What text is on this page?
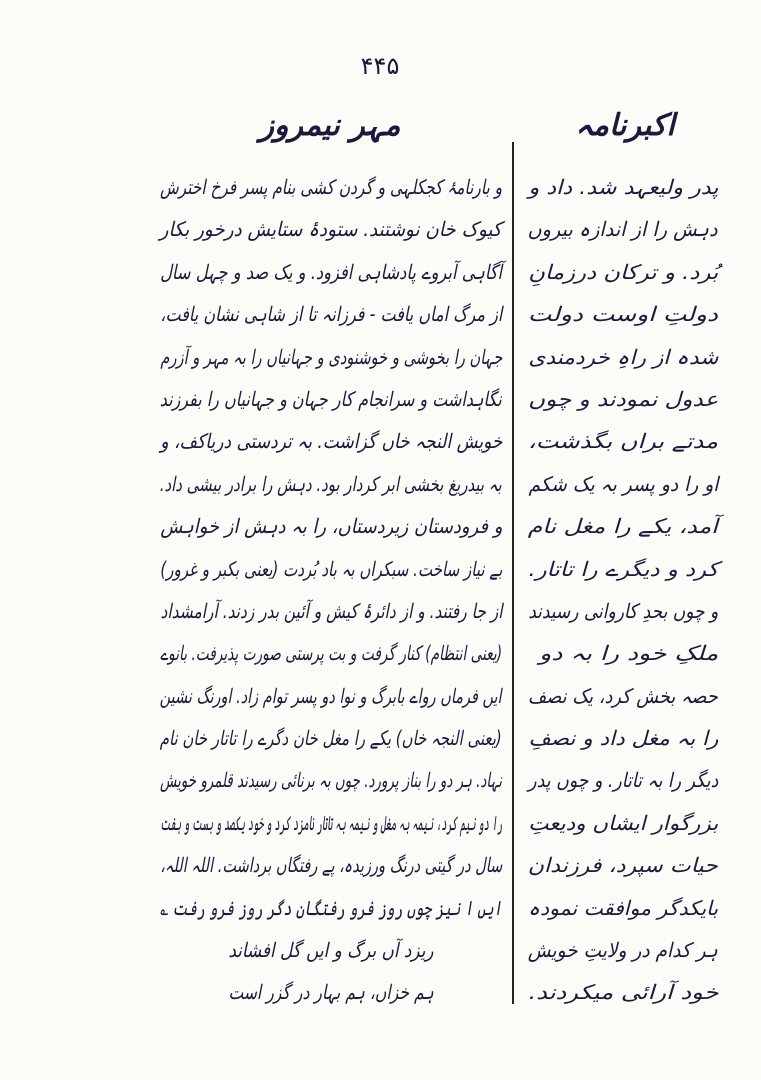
۴۴۵
مہر نیمروز	اکبرنامہ
و بارنامۂ کجکلہی و گردن کشی بنام پسر فرخ اخترش
کیوک خان نوشتند. ستودۂ ستایش درخور بکار
آگاہی آبروے پادشاہی افزود. و یک صد و چہل سال
از مرگ اماں یافت - فرزانہ تا از شاہی نشان یافت،
جہان را بخوشی و خوشنودی و جہانیاں را بہ مہر و آزرم
نگاہداشت و سرانجام کار جہان و جہانیاں را بفرزند
خویش النجہ خاں گزاشت. بہ تردستی دریاکف، و
بہ بیدریغ بخشی ابر کردار بود. دہش را برادر بیشی داد.
و فرودستان زیردستاں، را بہ دہش از خواہش
بے نیاز ساخت. سبکراں بہ باد بُردت (یعنی بکبر و غرور)
از جا رفتند. و از دائرۂ کیش و آئین بدر زدند. آرامشداد
(یعنی انتظام) کنار گرفت و بت پرستی صورت پذیرفت. بانوے
ایں فرماں رواے بابرگ و نوا دو پسر توام زاد. اورنگ نشین
(یعنی النجہ خاں) یکے را مغل خان دگرے را تاتار خان نام
نہاد. ہر دو را بناز پرورد. چوں بہ برنائی رسیدند قلمرو خویش
را دو نیم کرد، نیمہ بہ مغل و نیمہ بہ تاتار نامزد کرد و خود یکصد و بست و ہفت
سال در گیتی درنگ ورزیدہ، پے رفتگاں برداشت. اللہ اللہ،
ایں ا نیز چوں روز فرو رفتگان دگر روز فرو رفت ؎
ریزد آں برگ و ایں گل افشاند
ہم خزاں، ہم بہار در گزر است
پدر ولیعہد شد. داد و
دہش را از اندازہ بیروں
بُرد. و ترکان درزمانِ
دولتِ اوست دولت
شدہ از راہِ خردمندی
عدول نمودند و چوں
مدتے براں بگذشت،
او را دو پسر بہ یک شکم
آمد، یکے را مغل نام
کرد و دیگرے را تاتار.
و چوں بحدِ کاروانی رسیدند
ملکِ خود را بہ دو
حصہ بخش کرد، یک نصف
را بہ مغل داد و نصفِ
دیگر را بہ تاتار. و چوں پدر
بزرگوار ایشاں ودیعتِ
حیات سپرد، فرزندان
بایکدگر موافقت نمودہ
ہر کدام در ولایتِ خویش
خود آرائی میکردند.
